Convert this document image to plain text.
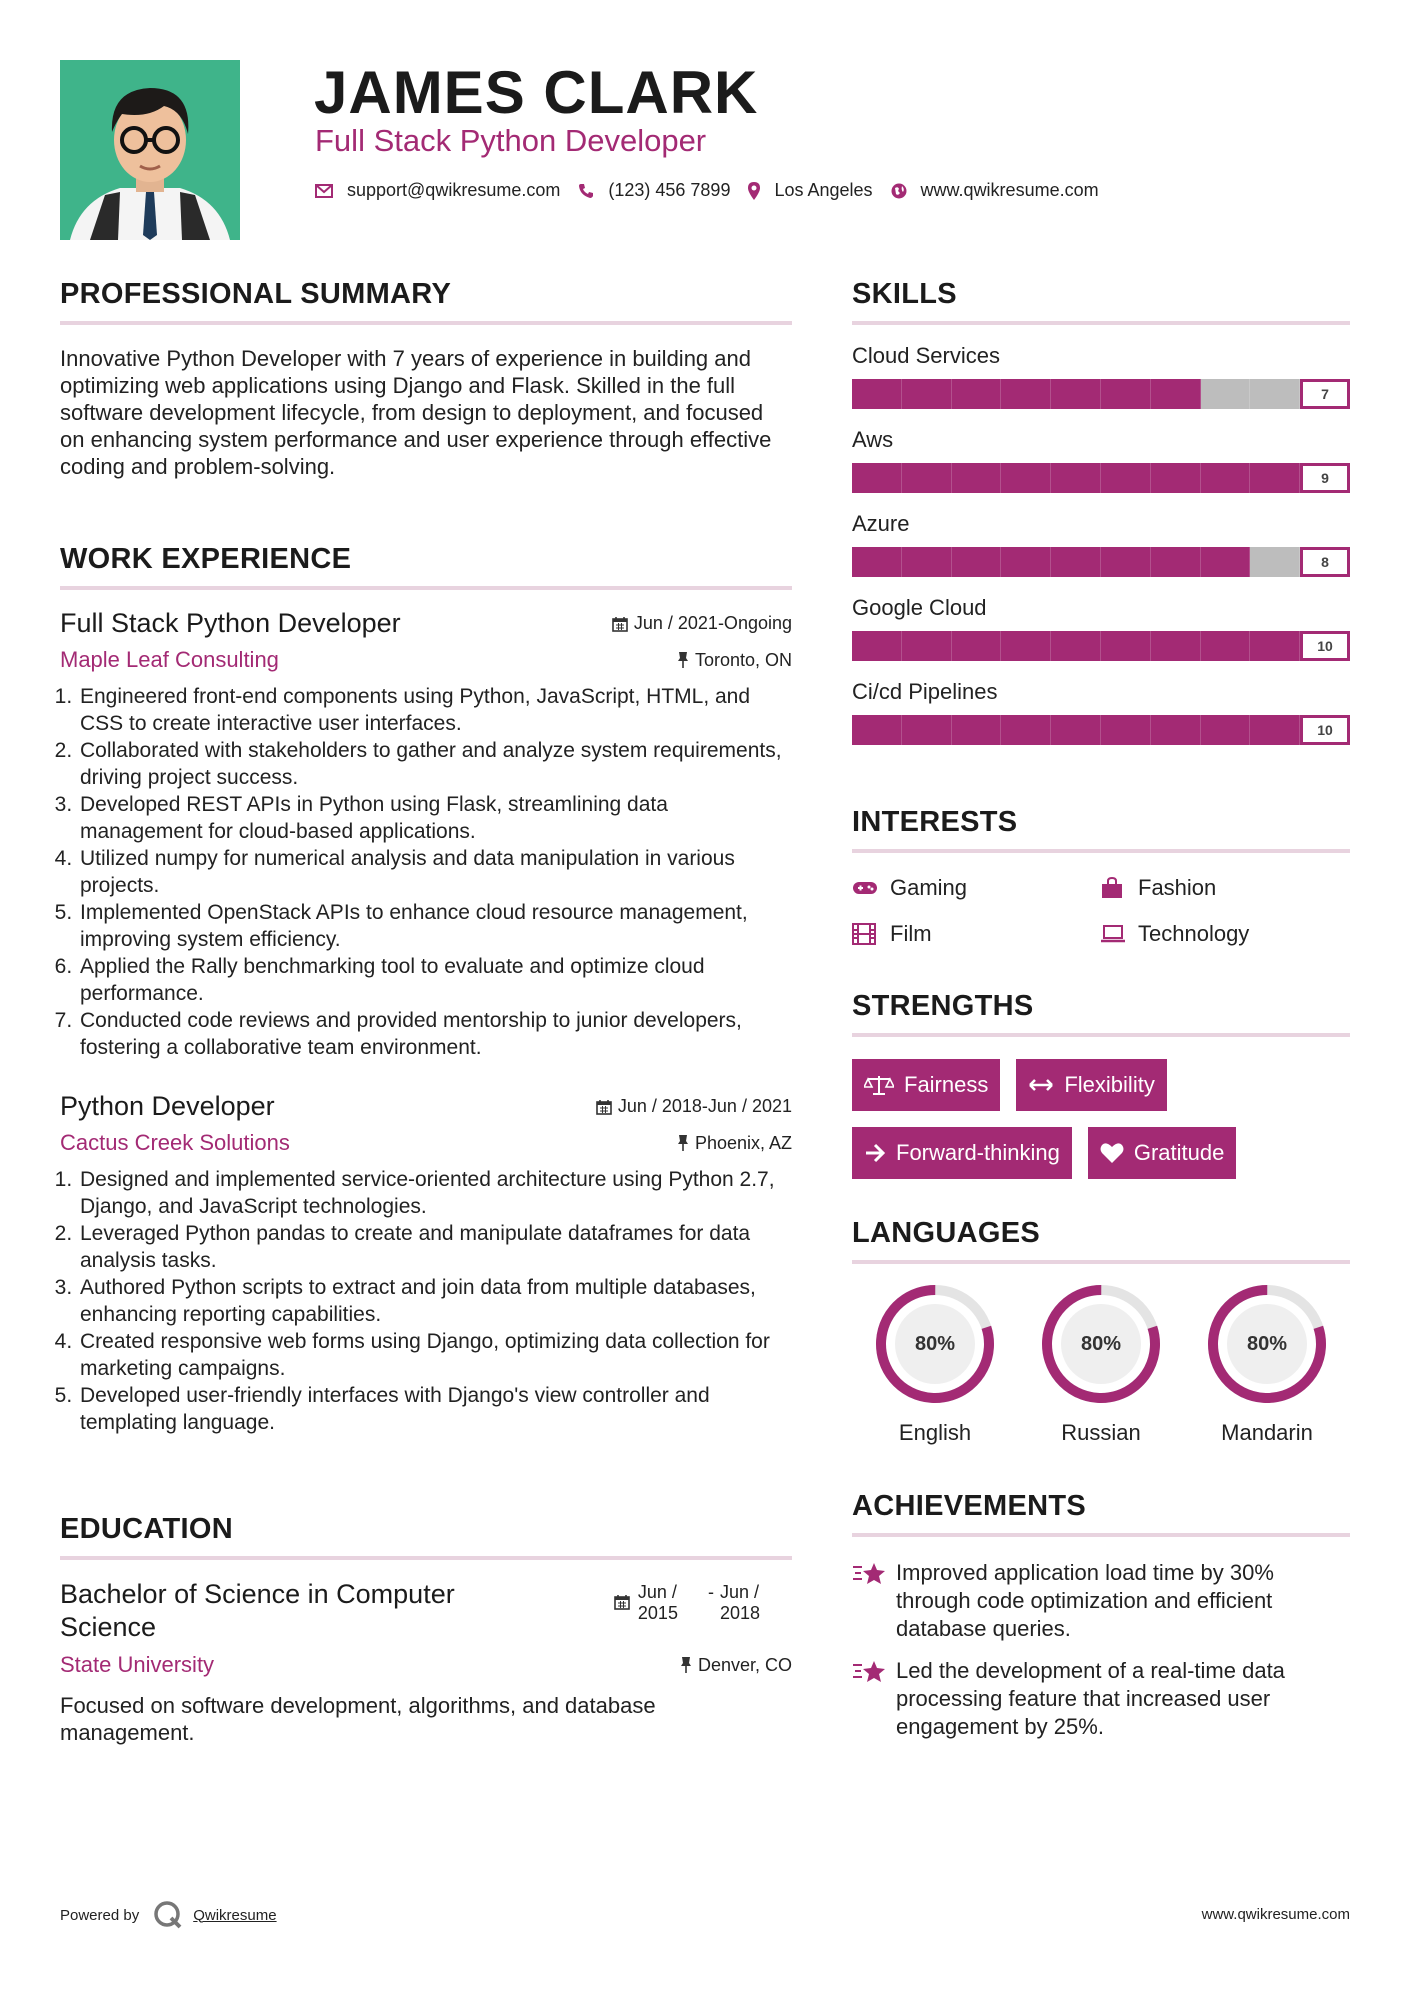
JAMES CLARK
Full Stack Python Developer
support@qwikresume.com	(123) 456 7899 Los Angeles	www.qwikresume.com
PROFESSIONAL SUMMARY
Innovative Python Developer with 7 years of experience in building and optimizing web applications using Django and Flask. Skilled in the full software development lifecycle, from design to deployment, and focused on enhancing system performance and user experience through effective coding and problem-solving.
WORK EXPERIENCE
Full Stack Python Developer	Jun / 2021-Ongoing
Maple Leaf Consulting	Toronto, ON
1. Engineered front-end components using Python, JavaScript, HTML, and CSS to create interactive user interfaces.
2. Collaborated with stakeholders to gather and analyze system requirements, driving project success.
3. Developed REST APIs in Python using Flask, streamlining data management for cloud-based applications.
4. Utilized numpy for numerical analysis and data manipulation in various projects.
5. Implemented OpenStack APIs to enhance cloud resource management, improving system efficiency.
6. Applied the Rally benchmarking tool to evaluate and optimize cloud performance.
7. Conducted code reviews and provided mentorship to junior developers, fostering a collaborative team environment.
Python Developer	Jun / 2018-Jun / 2021
Cactus Creek Solutions	Phoenix, AZ
1. Designed and implemented service-oriented architecture using Python 2.7, Django, and JavaScript technologies.
2. Leveraged Python pandas to create and manipulate dataframes for data analysis tasks.
3. Authored Python scripts to extract and join data from multiple databases, enhancing reporting capabilities.
4. Created responsive web forms using Django, optimizing data collection for marketing campaigns.
5. Developed user-friendly interfaces with Django's view controller and templating language.
EDUCATION
Bachelor of Science in Computer Science
Jun /
2015
- Jun /
2018
State University	Denver, CO
Focused on software development, algorithms, and database management.
SKILLS
Cloud Services
7
Aws
9
Azure
8
Google Cloud
10
Ci/cd Pipelines
10
INTERESTS
Gaming	Fashion
Film	Technology
STRENGTHS
Fairness	Flexibility
Forward-thinking	Gratitude
LANGUAGES
80%
English
80%
Russian
80%
Mandarin
ACHIEVEMENTS
Improved application load time by 30% through code optimization and efficient database queries.
Led the development of a real-time data processing feature that increased user engagement by 25%.
Powered by	Qwikresume	www.qwikresume.com
